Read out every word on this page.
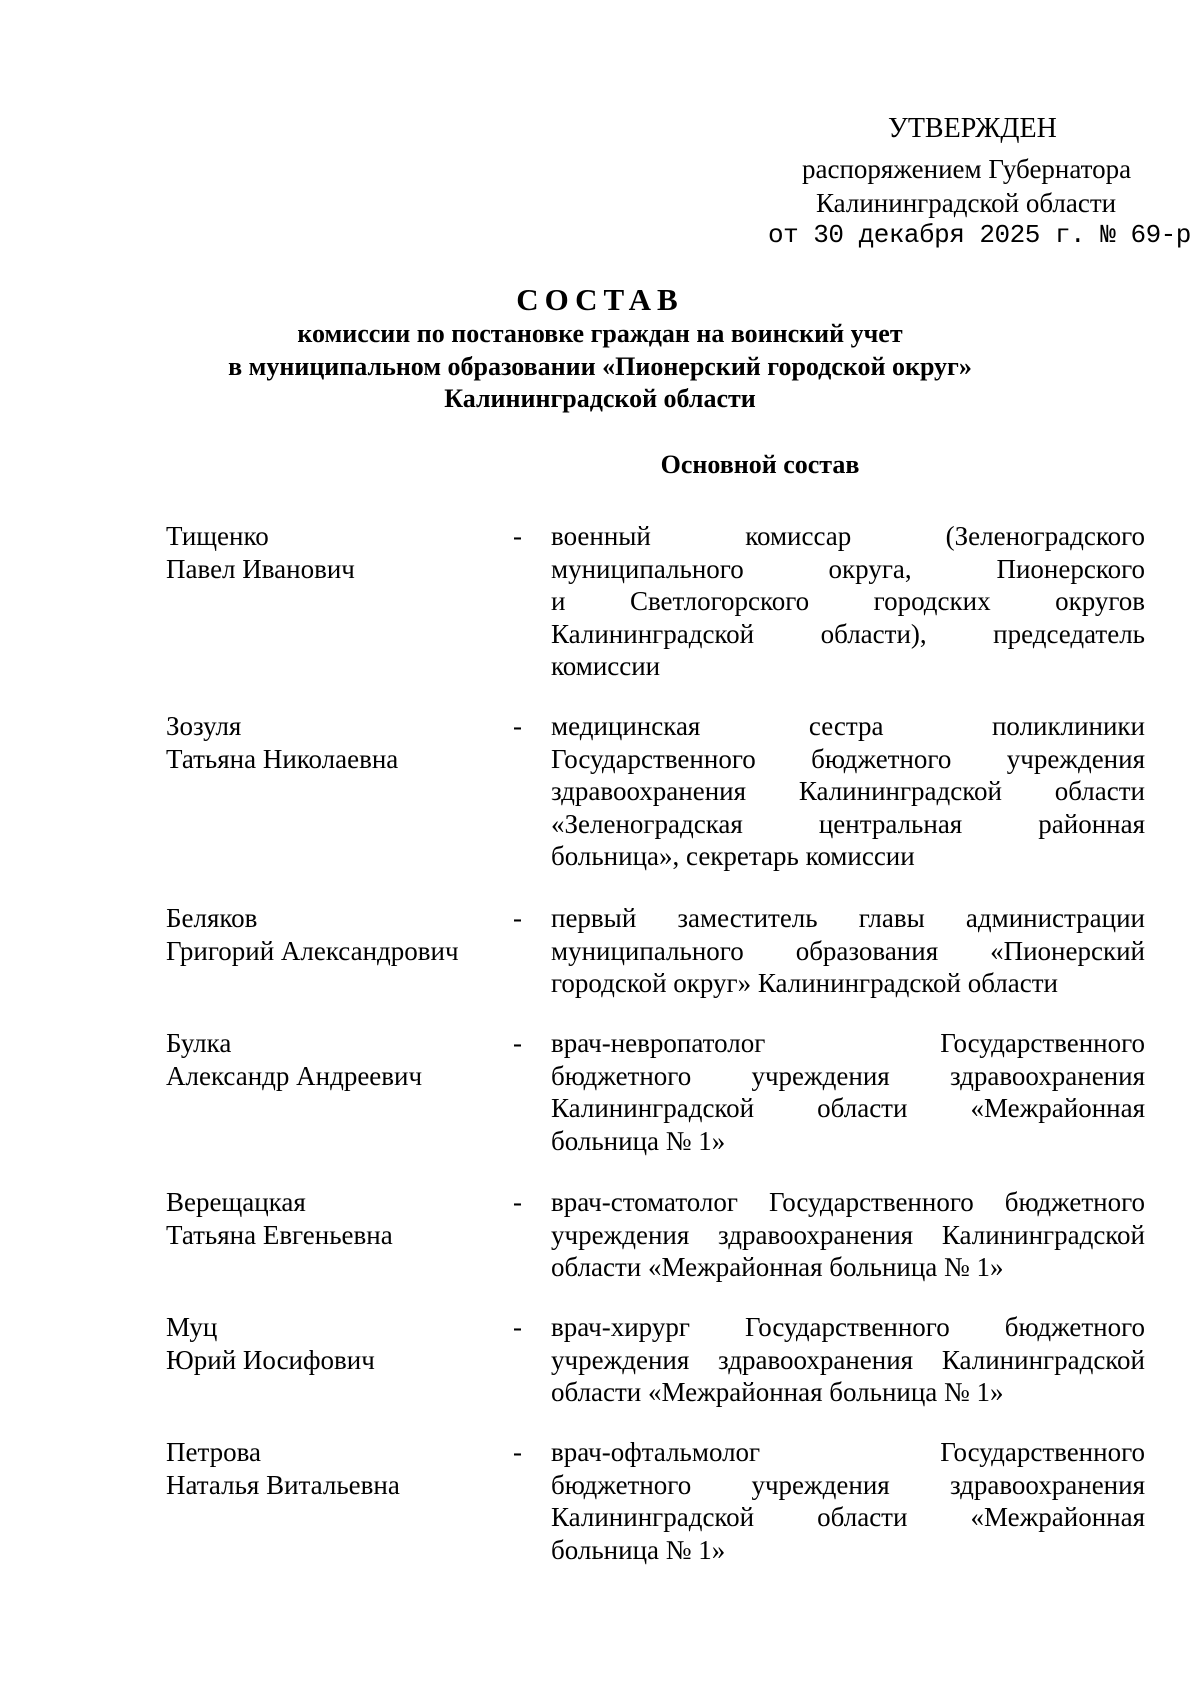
УТВЕРЖДЕН
распоряжением Губернатора
Калининградской области
от 30 декабря 2025 г. № 69-р
СОСТАВ
комиссии по постановке граждан на воинский учет
в муниципальном образовании «Пионерский городской округ»
Калининградской области
Основной состав
Тищенко
Павел Иванович
- военный комиссар (Зеленоградского
муниципального округа, Пионерского
и Светлогорского городских округов
Калининградской области), председатель
комиссии
Зозуля
Татьяна Николаевна
- медицинская сестра поликлиники
Государственного бюджетного учреждения
здравоохранения Калининградской области
«Зеленоградская центральная районная
больница», секретарь комиссии
Беляков
Григорий Александрович
- первый заместитель главы администрации
муниципального образования «Пионерский
городской округ» Калининградской области
Булка
Александр Андреевич
- врач-невропатолог Государственного
бюджетного учреждения здравоохранения
Калининградской области «Межрайонная
больница № 1»
Верещацкая
Татьяна Евгеньевна
- врач-стоматолог Государственного бюджетного
учреждения здравоохранения Калининградской
области «Межрайонная больница № 1»
Муц
Юрий Иосифович
- врач-хирург Государственного бюджетного
учреждения здравоохранения Калининградской
области «Межрайонная больница № 1»
Петрова
Наталья Витальевна
- врач-офтальмолог Государственного
бюджетного учреждения здравоохранения
Калининградской области «Межрайонная
больница № 1»
